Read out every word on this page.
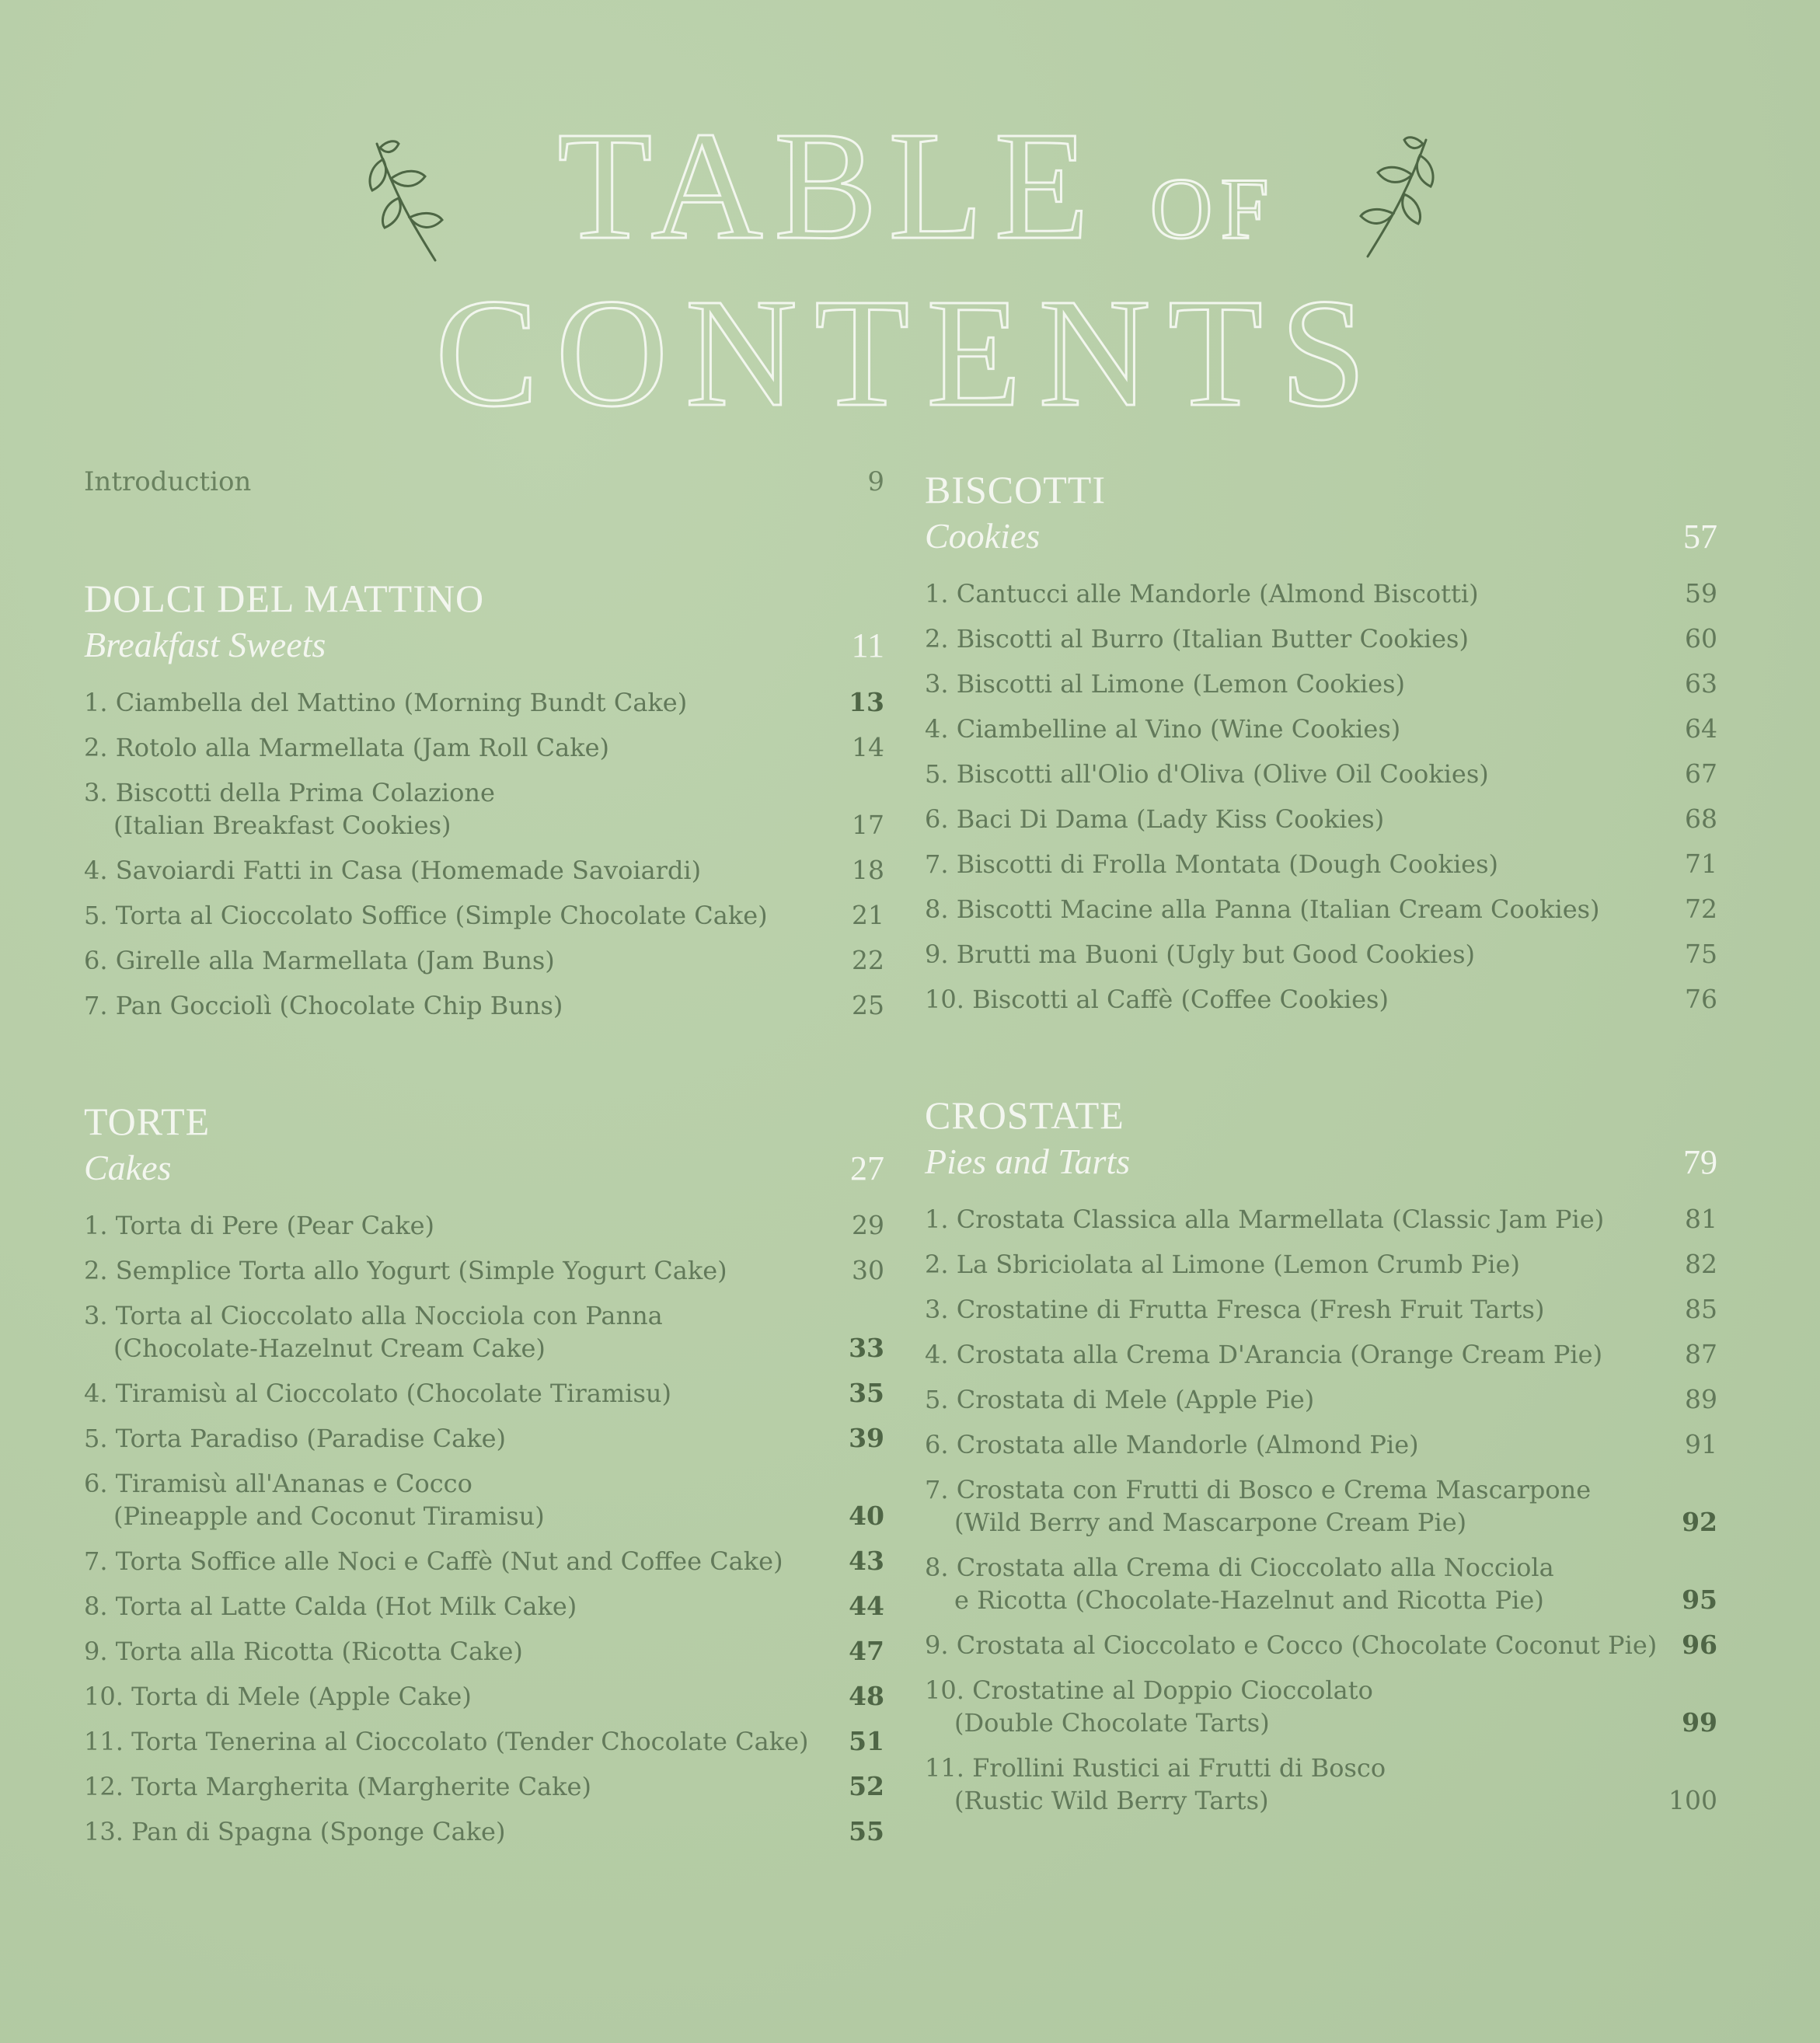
TABLE OF
CONTENTS
Introduction	9
DOLCI DEL MATTINO
Breakfast Sweets	11
1. Ciambella del Mattino (Morning Bundt Cake)	13
2. Rotolo alla Marmellata (Jam Roll Cake)	14
3. Biscotti della Prima Colazione
(Italian Breakfast Cookies)	17
4. Savoiardi Fatti in Casa (Homemade Savoiardi)	18
5. Torta al Cioccolato Soffice (Simple Chocolate Cake)	21
6. Girelle alla Marmellata (Jam Buns)	22
7. Pan Gocciolì (Chocolate Chip Buns)	25
TORTE
Cakes	27
1. Torta di Pere (Pear Cake)	29
2. Semplice Torta allo Yogurt (Simple Yogurt Cake)	30
3. Torta al Cioccolato alla Nocciola con Panna
(Chocolate-Hazelnut Cream Cake)	33
4. Tiramisù al Cioccolato (Chocolate Tiramisu)	35
5. Torta Paradiso (Paradise Cake)	39
6. Tiramisù all'Ananas e Cocco
(Pineapple and Coconut Tiramisu)	40
7. Torta Soffice alle Noci e Caffè (Nut and Coffee Cake)	43
8. Torta al Latte Calda (Hot Milk Cake)	44
9. Torta alla Ricotta (Ricotta Cake)	47
10. Torta di Mele (Apple Cake)	48
11. Torta Tenerina al Cioccolato (Tender Chocolate Cake)	51
12. Torta Margherita (Margherite Cake)	52
13. Pan di Spagna (Sponge Cake)	55
BISCOTTI
Cookies	57
1. Cantucci alle Mandorle (Almond Biscotti)	59
2. Biscotti al Burro (Italian Butter Cookies)	60
3. Biscotti al Limone (Lemon Cookies)	63
4. Ciambelline al Vino (Wine Cookies)	64
5. Biscotti all'Olio d'Oliva (Olive Oil Cookies)	67
6. Baci Di Dama (Lady Kiss Cookies)	68
7. Biscotti di Frolla Montata (Dough Cookies)	71
8. Biscotti Macine alla Panna (Italian Cream Cookies)	72
9. Brutti ma Buoni (Ugly but Good Cookies)	75
10. Biscotti al Caffè (Coffee Cookies)	76
CROSTATE
Pies and Tarts	79
1. Crostata Classica alla Marmellata (Classic Jam Pie)	81
2. La Sbriciolata al Limone (Lemon Crumb Pie)	82
3. Crostatine di Frutta Fresca (Fresh Fruit Tarts)	85
4. Crostata alla Crema D'Arancia (Orange Cream Pie)	87
5. Crostata di Mele (Apple Pie)	89
6. Crostata alle Mandorle (Almond Pie)	91
7. Crostata con Frutti di Bosco e Crema Mascarpone
(Wild Berry and Mascarpone Cream Pie)	92
8. Crostata alla Crema di Cioccolato alla Nocciola
e Ricotta (Chocolate-Hazelnut and Ricotta Pie)	95
9. Crostata al Cioccolato e Cocco (Chocolate Coconut Pie) 96
10. Crostatine al Doppio Cioccolato
(Double Chocolate Tarts)	99
11. Frollini Rustici ai Frutti di Bosco
(Rustic Wild Berry Tarts)	100
